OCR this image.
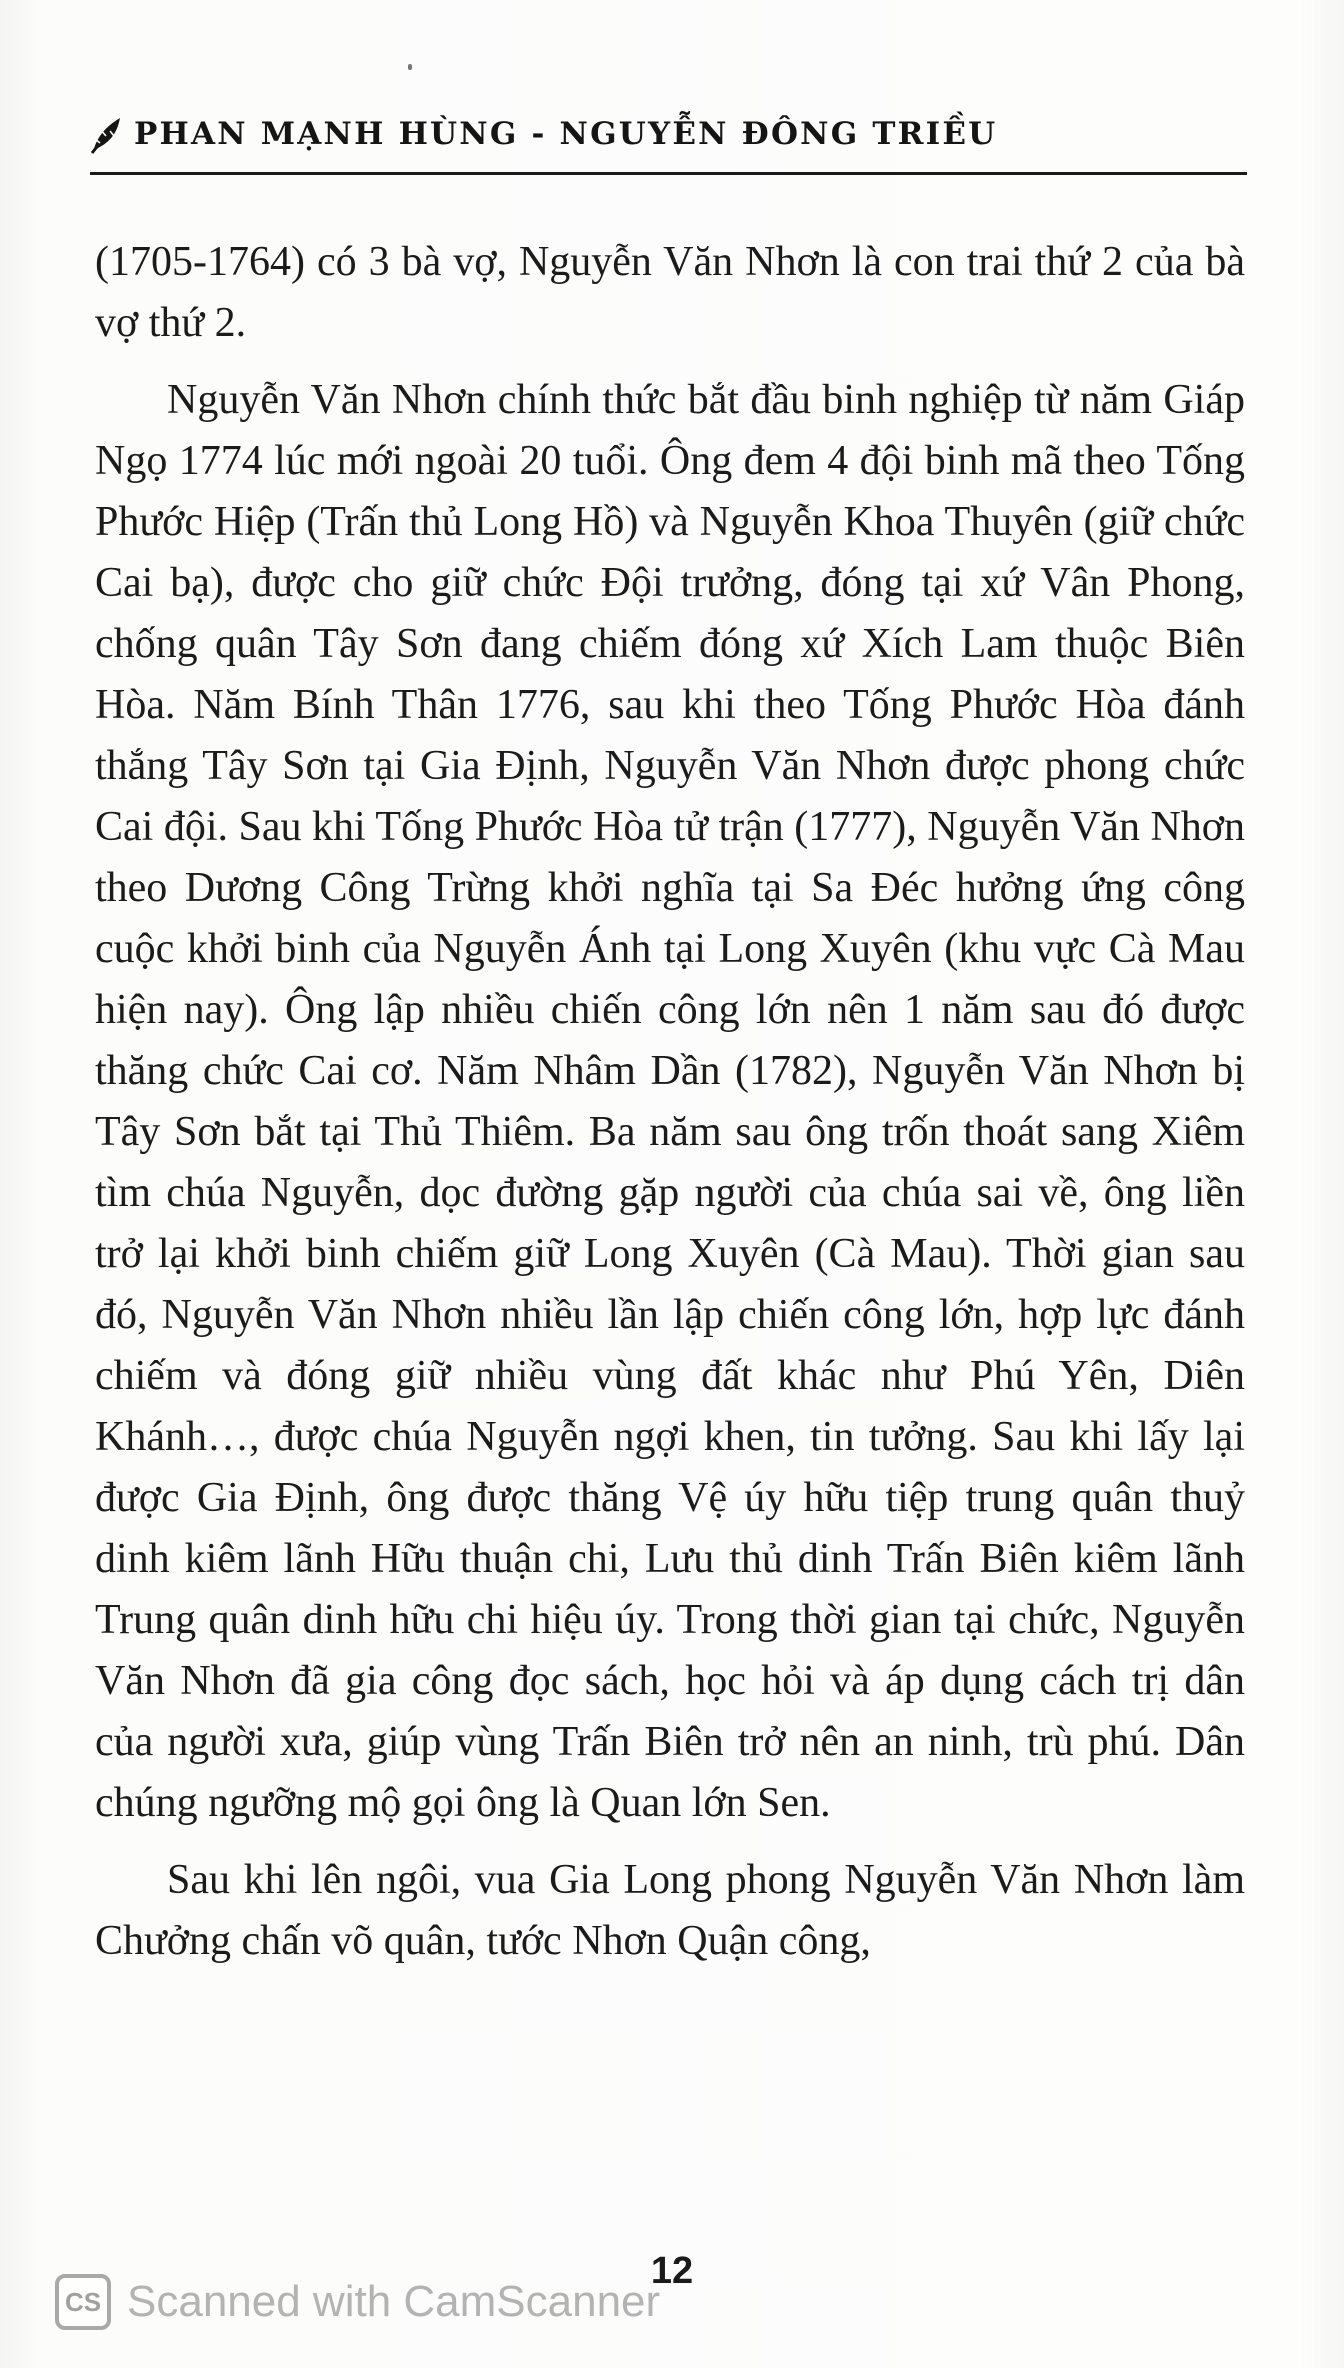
PHAN MẠNH HÙNG - NGUYỄN ĐÔNG TRIỀU

(1705-1764) có 3 bà vợ, Nguyễn Văn Nhơn là con trai thứ 2 của bà vợ thứ 2.

Nguyễn Văn Nhơn chính thức bắt đầu binh nghiệp từ năm Giáp Ngọ 1774 lúc mới ngoài 20 tuổi. Ông đem 4 đội binh mã theo Tống Phước Hiệp (Trấn thủ Long Hồ) và Nguyễn Khoa Thuyên (giữ chức Cai bạ), được cho giữ chức Đội trưởng, đóng tại xứ Vân Phong, chống quân Tây Sơn đang chiếm đóng xứ Xích Lam thuộc Biên Hòa. Năm Bính Thân 1776, sau khi theo Tống Phước Hòa đánh thắng Tây Sơn tại Gia Định, Nguyễn Văn Nhơn được phong chức Cai đội. Sau khi Tống Phước Hòa tử trận (1777), Nguyễn Văn Nhơn theo Dương Công Trừng khởi nghĩa tại Sa Đéc hưởng ứng công cuộc khởi binh của Nguyễn Ánh tại Long Xuyên (khu vực Cà Mau hiện nay). Ông lập nhiều chiến công lớn nên 1 năm sau đó được thăng chức Cai cơ. Năm Nhâm Dần (1782), Nguyễn Văn Nhơn bị Tây Sơn bắt tại Thủ Thiêm. Ba năm sau ông trốn thoát sang Xiêm tìm chúa Nguyễn, dọc đường gặp người của chúa sai về, ông liền trở lại khởi binh chiếm giữ Long Xuyên (Cà Mau). Thời gian sau đó, Nguyễn Văn Nhơn nhiều lần lập chiến công lớn, hợp lực đánh chiếm và đóng giữ nhiều vùng đất khác như Phú Yên, Diên Khánh…, được chúa Nguyễn ngợi khen, tin tưởng. Sau khi lấy lại được Gia Định, ông được thăng Vệ úy hữu tiệp trung quân thuỷ dinh kiêm lãnh Hữu thuận chi, Lưu thủ dinh Trấn Biên kiêm lãnh Trung quân dinh hữu chi hiệu úy. Trong thời gian tại chức, Nguyễn Văn Nhơn đã gia công đọc sách, học hỏi và áp dụng cách trị dân của người xưa, giúp vùng Trấn Biên trở nên an ninh, trù phú. Dân chúng ngưỡng mộ gọi ông là Quan lớn Sen.

Sau khi lên ngôi, vua Gia Long phong Nguyễn Văn Nhơn làm Chưởng chấn võ quân, tước Nhơn Quận công,

12
CS Scanned with CamScanner
